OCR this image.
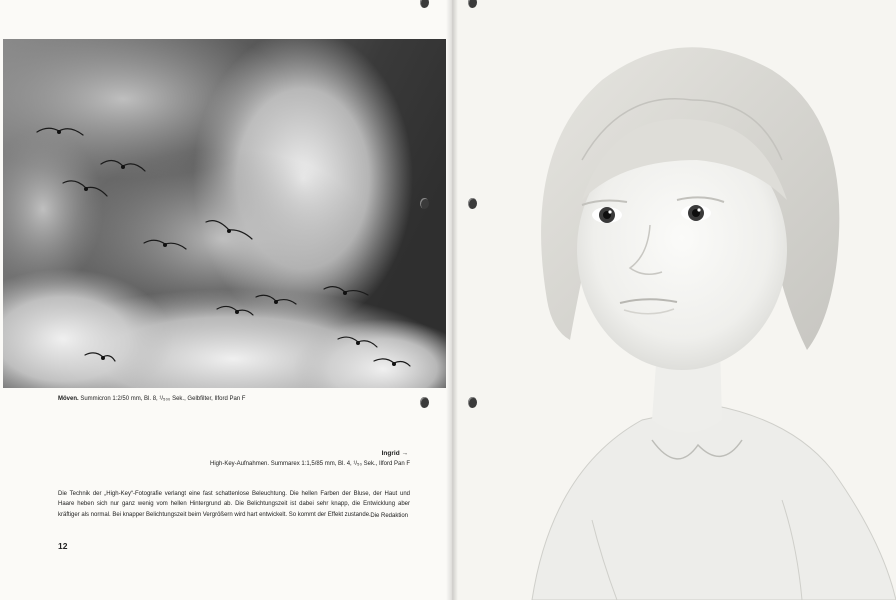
Möven. Summicron 1:2/50 mm, Bl. 8, ¹/₅₀₀ Sek., Gelbfilter, Ilford Pan F
Ingrid →
High-Key-Aufnahmen. Summarex 1:1,5/85 mm, Bl. 4, ¹/₅₀ Sek., Ilford Pan F
Die Technik der „High-Key“-Fotografie verlangt eine fast schattenlose Beleuchtung. Die hellen Farben der Bluse, der Haut und Haare heben sich nur ganz wenig vom hellen Hintergrund ab. Die Belichtungszeit ist dabei sehr knapp, die Entwicklung aber kräftiger als normal. Bei knapper Belichtungszeit beim Vergrößern wird hart entwickelt. So kommt der Effekt zustande. Die Redaktion
12
